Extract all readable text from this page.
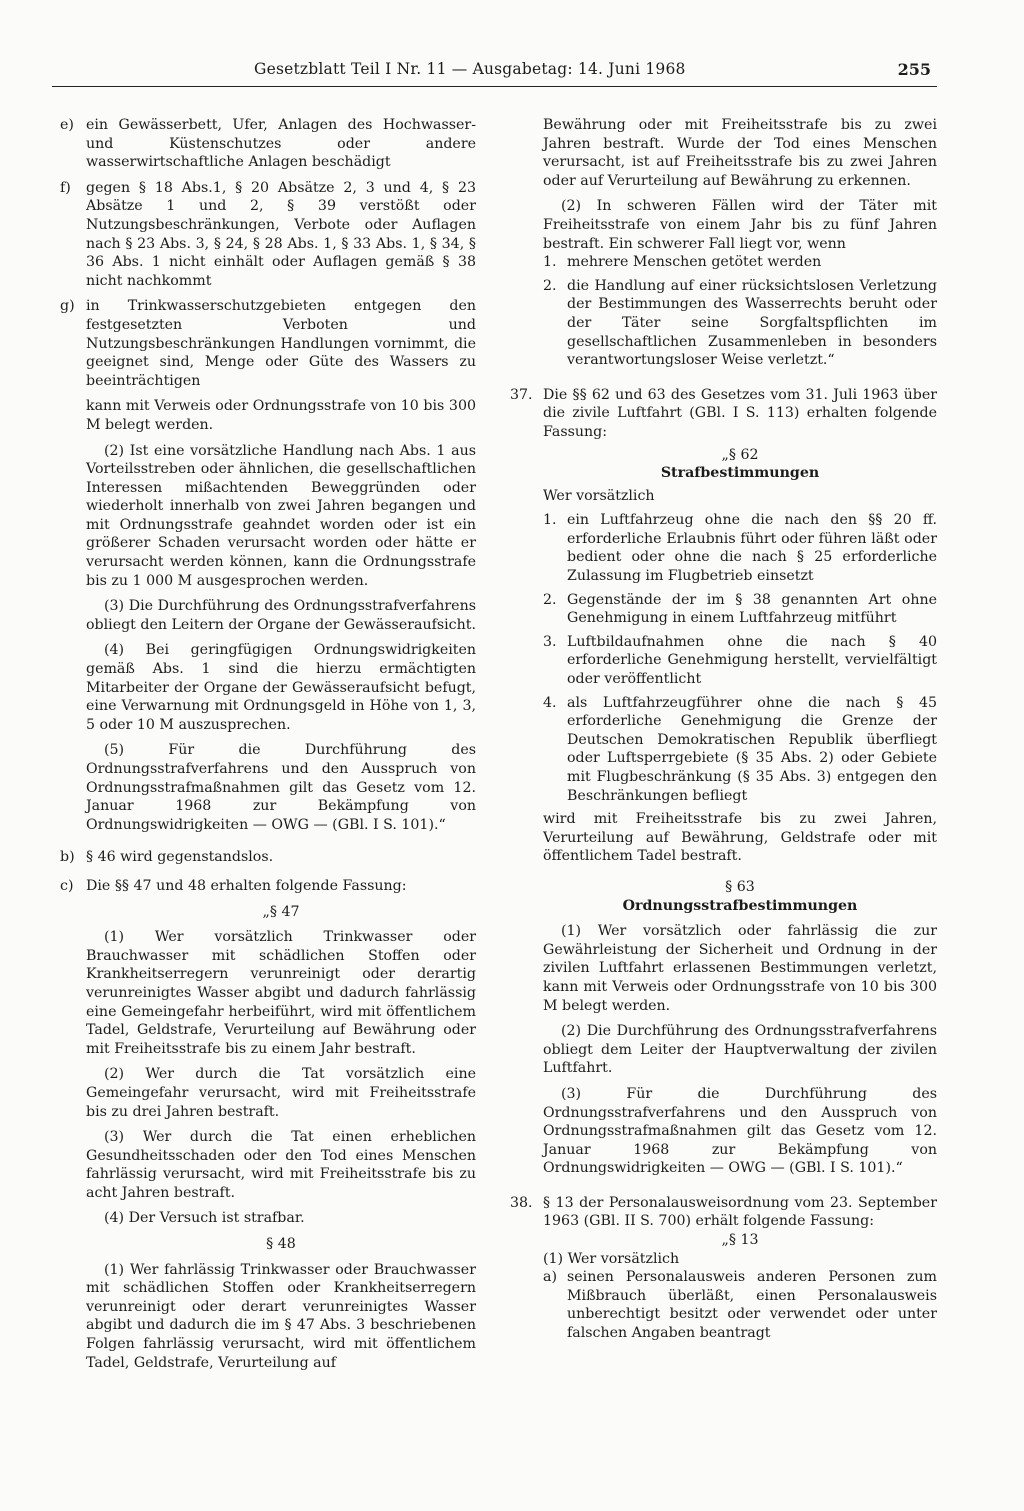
Gesetzblatt Teil I Nr. 11 — Ausgabetag: 14. Juni 1968	255
e) ein Gewässerbett, Ufer, Anlagen des Hochwasser- und Küstenschutzes oder andere wasserwirtschaftliche Anlagen beschädigt
f)	gegen § 18 Abs.1, § 20 Absätze 2, 3 und 4, § 23 Absätze 1 und 2, § 39 verstößt oder Nutzungsbeschränkungen, Verbote oder Auflagen nach § 23 Abs. 3, § 24, § 28 Abs. 1, § 33 Abs. 1, § 34, § 36 Abs. 1 nicht einhält oder Auflagen gemäß § 38 nicht nachkommt
g) in Trinkwasserschutzgebieten entgegen den festgesetzten Verboten und Nutzungsbeschränkungen Handlungen vornimmt, die geeignet sind, Menge oder Güte des Wassers zu beeinträchtigen

kann mit Verweis oder Ordnungsstrafe von 10 bis 300 M belegt werden.

(2) Ist eine vorsätzliche Handlung nach Abs. 1 aus Vorteilsstreben oder ähnlichen, die gesellschaftlichen Interessen mißachtenden Beweggründen oder wiederholt innerhalb von zwei Jahren begangen und mit Ordnungsstrafe geahndet worden oder ist ein größerer Schaden verursacht worden oder hätte er verursacht werden können, kann die Ordnungsstrafe bis zu 1 000 M ausgesprochen werden.

(3) Die Durchführung des Ordnungsstrafverfahrens obliegt den Leitern der Organe der Gewässeraufsicht.

(4) Bei geringfügigen Ordnungswidrigkeiten gemäß Abs. 1 sind die hierzu ermächtigten Mitarbeiter der Organe der Gewässeraufsicht befugt, eine Verwarnung mit Ordnungsgeld in Höhe von 1, 3, 5 oder 10 M auszusprechen.

(5) Für die Durchführung des Ordnungsstrafverfahrens und den Ausspruch von Ordnungsstrafmaßnahmen gilt das Gesetz vom 12. Januar 1968 zur Bekämpfung von Ordnungswidrigkeiten — OWG — (GBl. I S. 101).“

b) § 46 wird gegenstandslos.
c) Die §§ 47 und 48 erhalten folgende Fassung:

„§ 47

(1) Wer vorsätzlich Trinkwasser oder Brauchwasser mit schädlichen Stoffen oder Krankheitserregern verunreinigt oder derartig verunreinigtes Wasser abgibt und dadurch fahrlässig eine Gemeingefahr herbeiführt, wird mit öffentlichem Tadel, Geldstrafe, Verurteilung auf Bewährung oder mit Freiheitsstrafe bis zu einem Jahr bestraft.

(2) Wer durch die Tat vorsätzlich eine Gemeingefahr verursacht, wird mit Freiheitsstrafe bis zu drei Jahren bestraft.

(3) Wer durch die Tat einen erheblichen Gesundheitsschaden oder den Tod eines Menschen fahrlässig verursacht, wird mit Freiheitsstrafe bis zu acht Jahren bestraft.

(4) Der Versuch ist strafbar.

§ 48

(1) Wer fahrlässig Trinkwasser oder Brauchwasser mit schädlichen Stoffen oder Krankheitserregern verunreinigt oder derart verunreinigtes Wasser abgibt und dadurch die im § 47 Abs. 3 beschriebenen Folgen fahrlässig verursacht, wird mit öffentlichem Tadel, Geldstrafe, Verurteilung auf

Bewährung oder mit Freiheitsstrafe bis zu zwei Jahren bestraft. Wurde der Tod eines Menschen verursacht, ist auf Freiheitsstrafe bis zu zwei Jahren oder auf Verurteilung auf Bewährung zu erkennen.

(2) In schweren Fällen wird der Täter mit Freiheitsstrafe von einem Jahr bis zu fünf Jahren bestraft. Ein schwerer Fall liegt vor, wenn

1. mehrere Menschen getötet werden
2. die Handlung auf einer rücksichtslosen Verletzung der Bestimmungen des Wasserrechts beruht oder der Täter seine Sorgfaltspflichten im gesellschaftlichen Zusammenleben in besonders verantwortungsloser Weise verletzt.“
37. Die §§ 62 und 63 des Gesetzes vom 31. Juli 1963 über die zivile Luftfahrt (GBl. I S. 113) erhalten folgende Fassung:

„§ 62

Strafbestimmungen

Wer vorsätzlich

1. ein Luftfahrzeug ohne die nach den §§ 20 ff. erforderliche Erlaubnis führt oder führen läßt oder bedient oder ohne die nach § 25 erforderliche Zulassung im Flugbetrieb einsetzt
2. Gegenstände der im § 38 genannten Art ohne Genehmigung in einem Luftfahrzeug mitführt
3. Luftbildaufnahmen ohne die nach § 40 erforderliche Genehmigung herstellt, vervielfältigt oder veröffentlicht
4. als Luftfahrzeugführer ohne die nach § 45 erforderliche Genehmigung die Grenze der Deutschen Demokratischen Republik überfliegt oder Luftsperrgebiete (§ 35 Abs. 2) oder Gebiete mit Flugbeschränkung (§ 35 Abs. 3) entgegen den Beschränkungen befliegt

wird mit Freiheitsstrafe bis zu zwei Jahren, Verurteilung auf Bewährung, Geldstrafe oder mit öffentlichem Tadel bestraft.

§ 63

Ordnungsstrafbestimmungen

(1) Wer vorsätzlich oder fahrlässig die zur Gewährleistung der Sicherheit und Ordnung in der zivilen Luftfahrt erlassenen Bestimmungen verletzt, kann mit Verweis oder Ordnungsstrafe von 10 bis 300 M belegt werden.

(2) Die Durchführung des Ordnungsstrafverfahrens obliegt dem Leiter der Hauptverwaltung der zivilen Luftfahrt.

(3) Für die Durchführung des Ordnungsstrafverfahrens und den Ausspruch von Ordnungsstrafmaßnahmen gilt das Gesetz vom 12. Januar 1968 zur Bekämpfung von Ordnungswidrigkeiten — OWG — (GBl. I S. 101).“

38. § 13 der Personalausweisordnung vom 23. September 1963 (GBl. II S. 700) erhält folgende Fassung:

„§ 13

(1) Wer vorsätzlich

a) seinen Personalausweis anderen Personen zum Mißbrauch überläßt, einen Personalausweis unberechtigt besitzt oder verwendet oder unter falschen Angaben beantragt
